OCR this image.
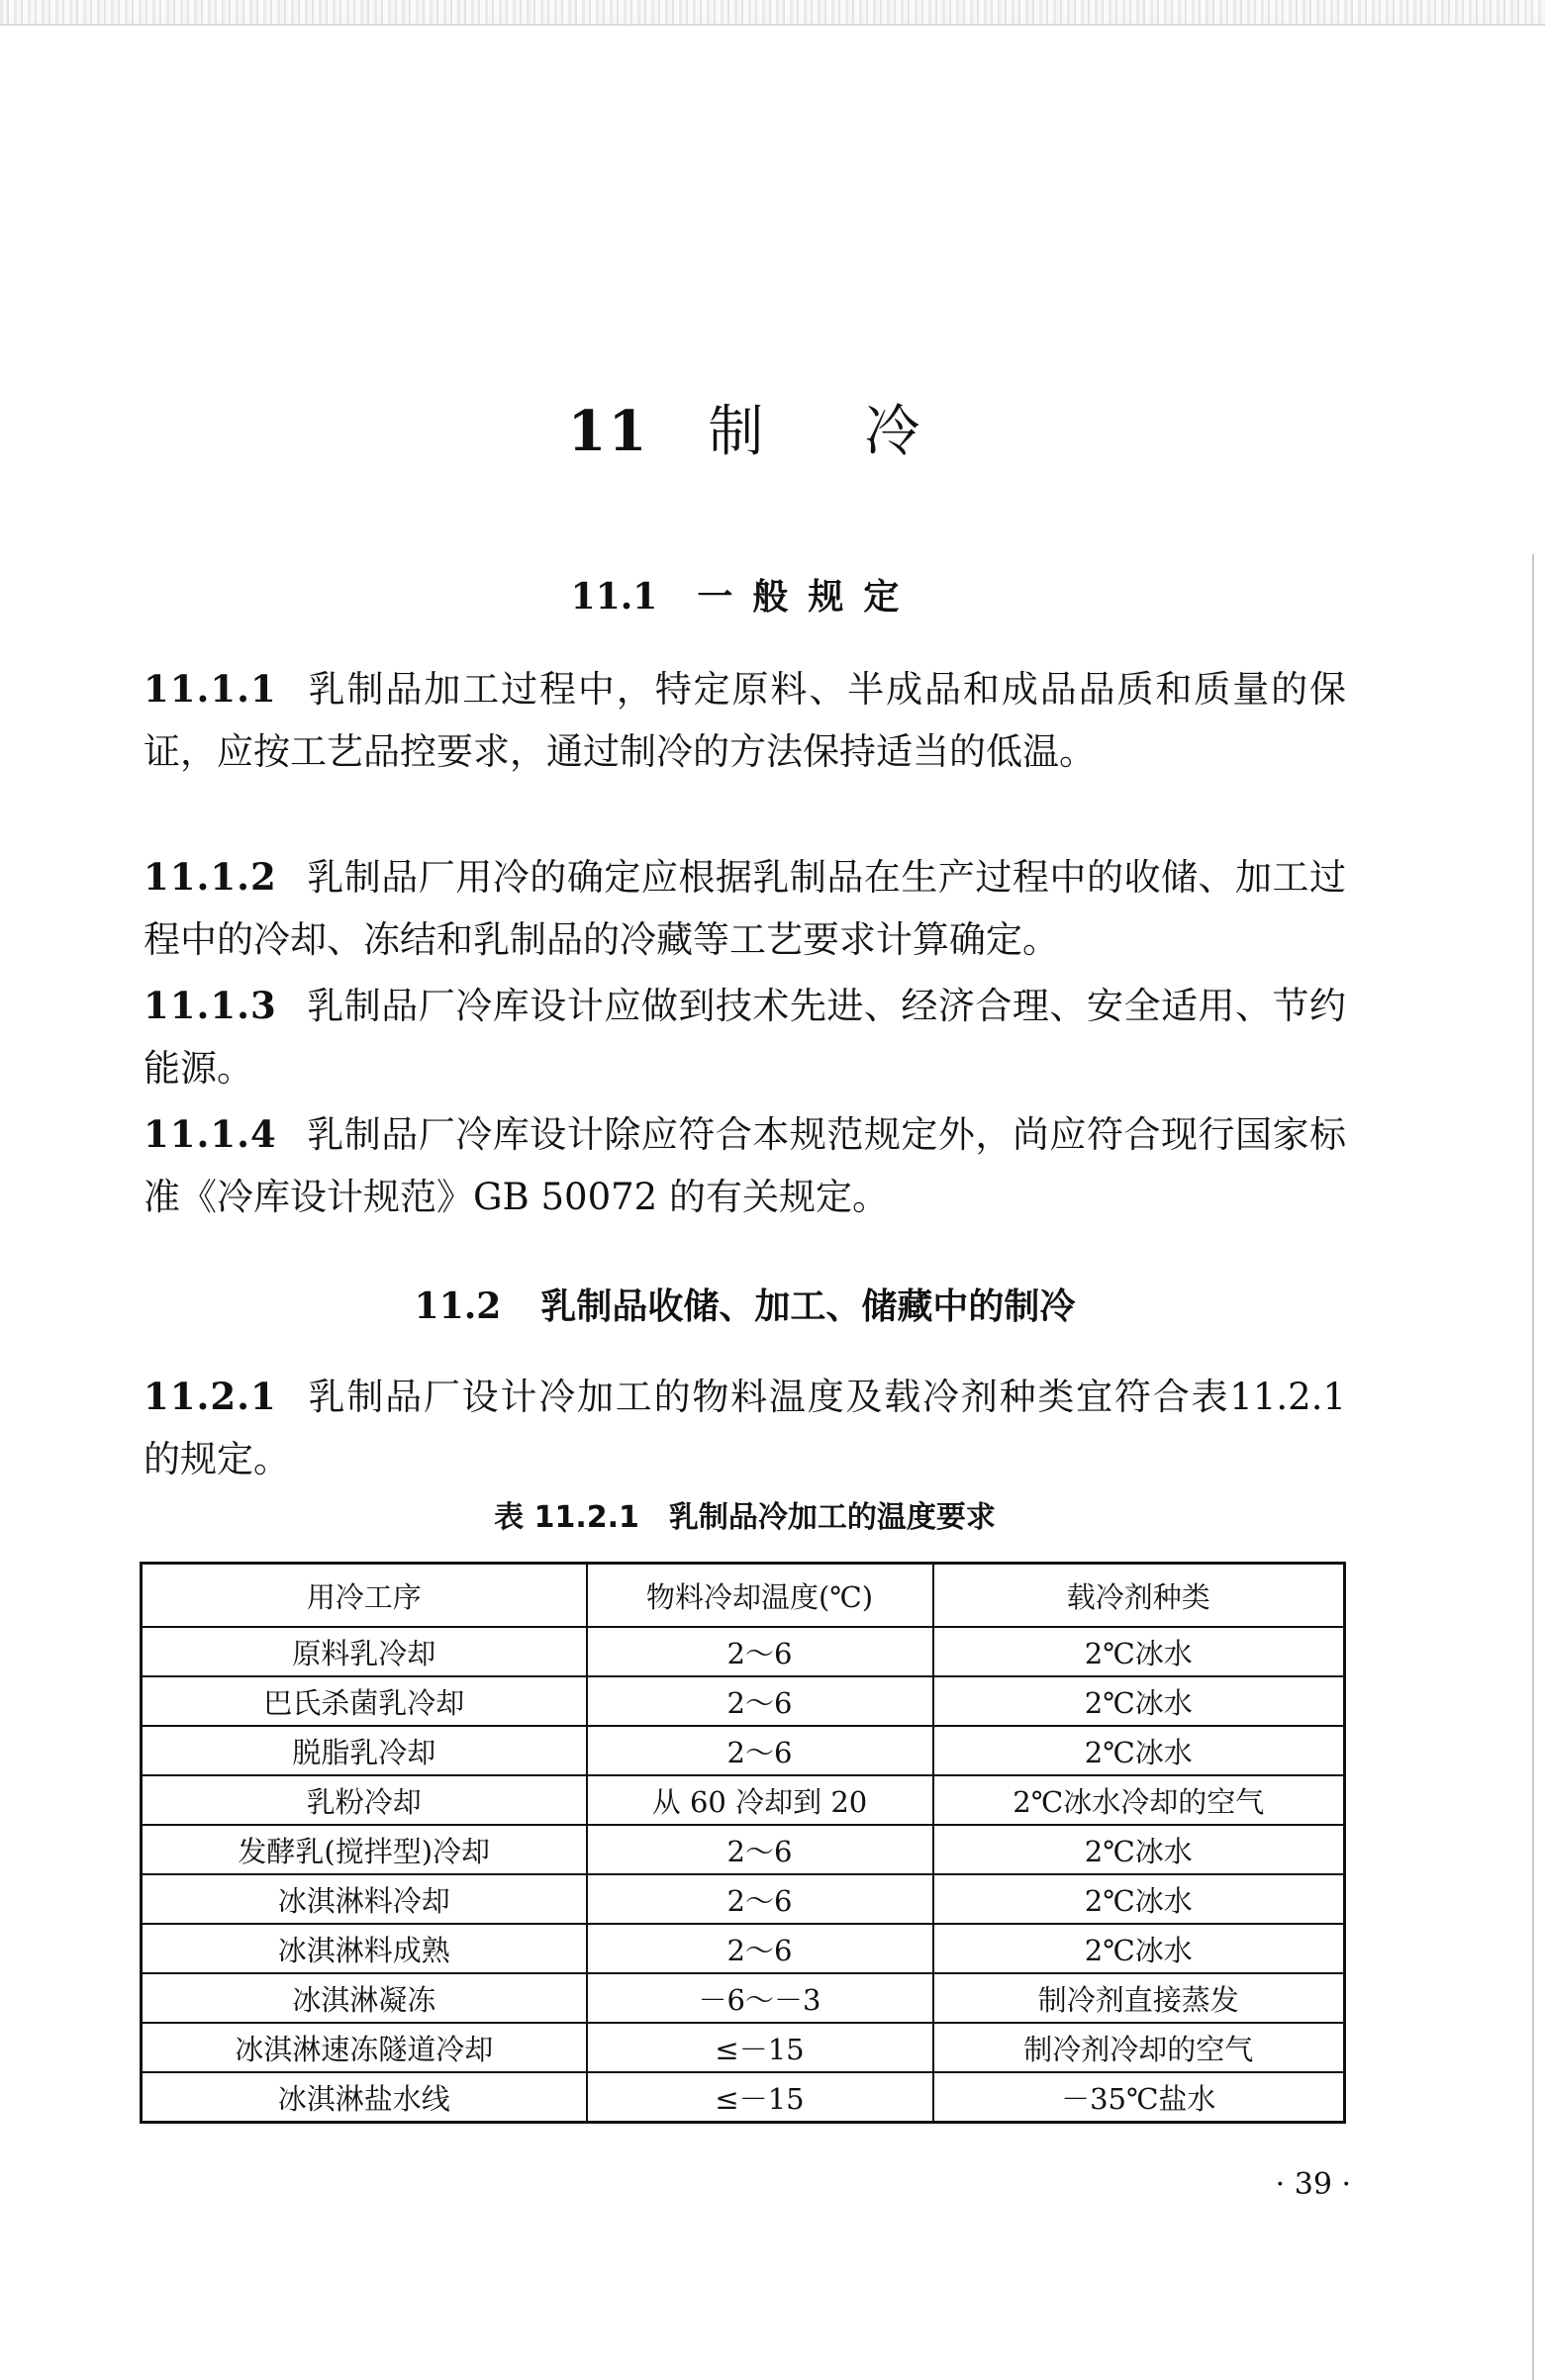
11 制 冷
11.1 一般规定
11.1.1 乳制品加工过程中，特定原料、半成品和成品品质和质量的保证，应按工艺品控要求，通过制冷的方法保持适当的低温。
11.1.2 乳制品厂用冷的确定应根据乳制品在生产过程中的收储、加工过程中的冷却、冻结和乳制品的冷藏等工艺要求计算确定。
11.1.3 乳制品厂冷库设计应做到技术先进、经济合理、安全适用、节约能源。
11.1.4 乳制品厂冷库设计除应符合本规范规定外，尚应符合现行国家标准《冷库设计规范》GB 50072 的有关规定。
11.2 乳制品收储、加工、储藏中的制冷
11.2.1 乳制品厂设计冷加工的物料温度及载冷剂种类宜符合表11.2.1 的规定。
表 11.2.1 乳制品冷加工的温度要求
用冷工序	物料冷却温度(℃)	载冷剂种类
原料乳冷却	2～6	2℃冰水
巴氏杀菌乳冷却	2～6	2℃冰水
脱脂乳冷却	2～6	2℃冰水
乳粉冷却	从 60 冷却到 20	2℃冰水冷却的空气
发酵乳(搅拌型)冷却	2～6	2℃冰水
冰淇淋料冷却	2～6	2℃冰水
冰淇淋料成熟	2～6	2℃冰水
冰淇淋凝冻	－6～－3	制冷剂直接蒸发
冰淇淋速冻隧道冷却	≤－15	制冷剂冷却的空气
冰淇淋盐水线	≤－15	－35℃盐水
· 39 ·
